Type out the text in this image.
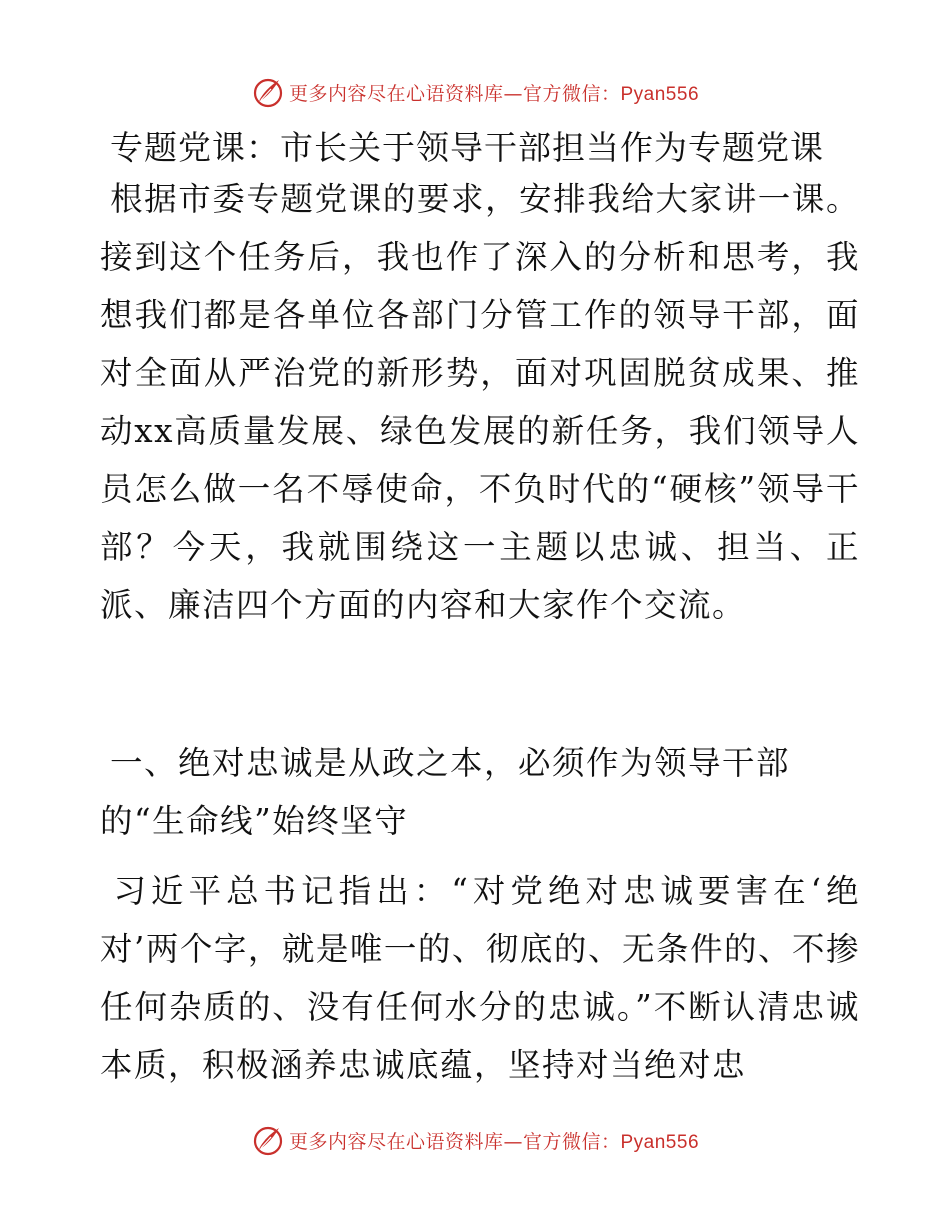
更多内容尽在心语资料库—官方微信：Pyan556
专题党课：市长关于领导干部担当作为专题党课

根据市委专题党课的要求，安排我给大家讲一课。接到这个任务后，我也作了深入的分析和思考，我想我们都是各单位各部门分管工作的领导干部，面对全面从严治党的新形势，面对巩固脱贫成果、推动xx高质量发展、绿色发展的新任务，我们领导人员怎么做一名不辱使命，不负时代的“硬核”领导干部？今天，我就围绕这一主题以忠诚、担当、正派、廉洁四个方面的内容和大家作个交流。

一、绝对忠诚是从政之本，必须作为领导干部
的“生命线”始终坚守

习近平总书记指出：“对党绝对忠诚要害在‘绝对’两个字，就是唯一的、彻底的、无条件的、不掺任何杂质的、没有任何水分的忠诚。”不断认清忠诚本质，积极涵养忠诚底蕴，坚持对当绝对忠

更多内容尽在心语资料库—官方微信：Pyan556
